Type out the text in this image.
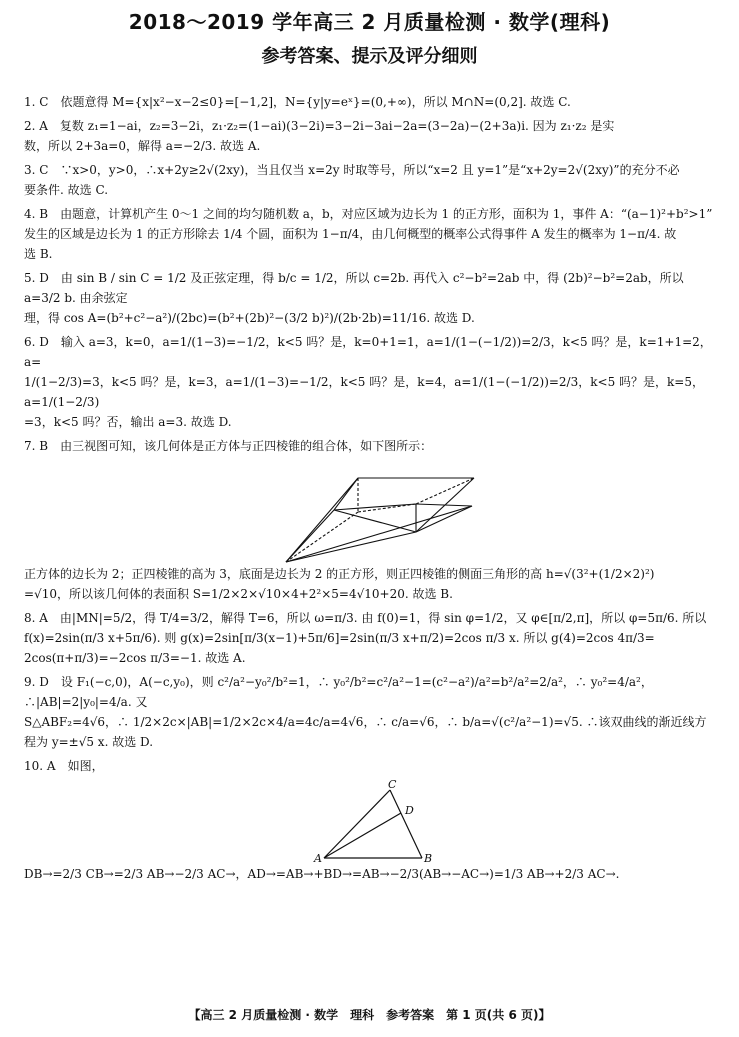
2018～2019 学年高三 2 月质量检测 · 数学(理科)
参考答案、提示及评分细则
1. C　依题意得 M={x|x²−x−2≤0}=[−1,2]，N={y|y=eˣ}=(0,+∞)，所以 M∩N=(0,2]. 故选 C.
2. A　复数 z₁=1−ai，z₂=3−2i，z₁·z₂=(1−ai)(3−2i)=3−2i−3ai−2a=(3−2a)−(2+3a)i. 因为 z₁·z₂ 是实
数，所以 2+3a=0，解得 a=−2/3. 故选 A.
3. C　∵x>0，y>0，∴x+2y≥2√(2xy)，当且仅当 x=2y 时取等号，所以“x=2 且 y=1”是“x+2y=2√(2xy)”的充分不必
要条件. 故选 C.
4. B　由题意，计算机产生 0～1 之间的均匀随机数 a，b，对应区域为边长为 1 的正方形，面积为 1，事件 A：“(a−1)²+b²>1”
发生的区域是边长为 1 的正方形除去 1/4 个圆，面积为 1−π/4，由几何概型的概率公式得事件 A 发生的概率为 1−π/4. 故
选 B.
5. D　由 sin B / sin C = 1/2 及正弦定理，得 b/c = 1/2，所以 c=2b. 再代入 c²−b²=2ab 中，得 (2b)²−b²=2ab，所以 a=3/2 b. 由余弦定
理，得 cos A=(b²+c²−a²)/(2bc)=(b²+(2b)²−(3/2 b)²)/(2b·2b)=11/16. 故选 D.
6. D　输入 a=3，k=0，a=1/(1−3)=−1/2，k<5 吗？是，k=0+1=1，a=1/(1−(−1/2))=2/3，k<5 吗？是，k=1+1=2，a=
1/(1−2/3)=3，k<5 吗？是，k=3，a=1/(1−3)=−1/2，k<5 吗？是，k=4，a=1/(1−(−1/2))=2/3，k<5 吗？是，k=5，a=1/(1−2/3)
=3，k<5 吗？否，输出 a=3. 故选 D.
7. B　由三视图可知，该几何体是正方体与正四棱锥的组合体，如下图所示：
正方体的边长为 2；正四棱锥的高为 3，底面是边长为 2 的正方形，则正四棱锥的侧面三角形的高 h=√(3²+(1/2×2)²)
=√10，所以该几何体的表面积 S=1/2×2×√10×4+2²×5=4√10+20. 故选 B.
8. A　由|MN|=5/2，得 T/4=3/2，解得 T=6，所以 ω=π/3. 由 f(0)=1，得 sin φ=1/2，又 φ∈[π/2,π]，所以 φ=5π/6. 所以
f(x)=2sin(π/3 x+5π/6). 则 g(x)=2sin[π/3(x−1)+5π/6]=2sin(π/3 x+π/2)=2cos π/3 x. 所以 g(4)=2cos 4π/3=
2cos(π+π/3)=−2cos π/3=−1. 故选 A.
9. D　设 F₁(−c,0)，A(−c,y₀)，则 c²/a²−y₀²/b²=1，∴ y₀²/b²=c²/a²−1=(c²−a²)/a²=b²/a²=2/a²，∴ y₀²=4/a²，∴|AB|=2|y₀|=4/a. 又
S△ABF₂=4√6，∴ 1/2×2c×|AB|=1/2×2c×4/a=4c/a=4√6，∴ c/a=√6，∴ b/a=√(c²/a²−1)=√5. ∴该双曲线的渐近线方
程为 y=±√5 x. 故选 D.
10. A　如图，
C
D
A	B
DB→=2/3 CB→=2/3 AB→−2/3 AC→，AD→=AB→+BD→=AB→−2/3(AB→−AC→)=1/3 AB→+2/3 AC→.
【高三 2 月质量检测 · 数学　理科　参考答案　第 1 页(共 6 页)】
